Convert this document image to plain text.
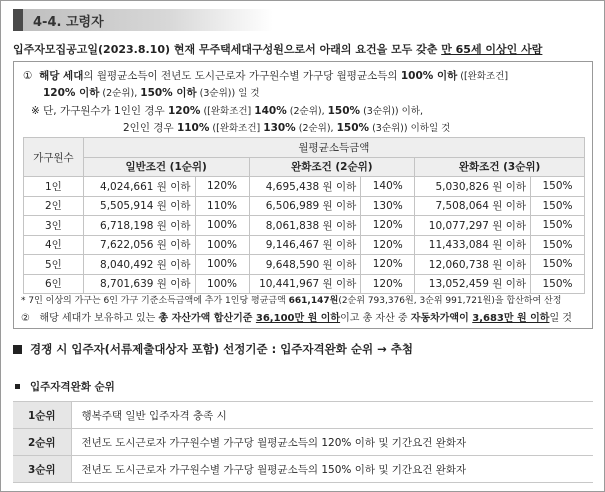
4-4. 고령자
입주자모집공고일(2023.8.10) 현재 무주택세대구성원으로서 아래의 요건을 모두 갖춘 만 65세 이상인 사람
① 해당 세대의 월평균소득이 전년도 도시근로자 가구원수별 가구당 월평균소득의 100% 이하 ([완화조건]
120% 이하 (2순위), 150% 이하 (3순위)) 일 것
※ 단, 가구원수가 1인인 경우 120% ([완화조건] 140% (2순위), 150% (3순위)) 이하,
2인인 경우 110% ([완화조건] 130% (2순위), 150% (3순위)) 이하일 것
가구원수	월평균소득금액					
	일반조건 (1순위)		완화조건 (2순위)		완화조건 (3순위)	
1인	4,024,661 원 이하	120%	4,695,438 원 이하	140%	5,030,826 원 이하	150%
2인	5,505,914 원 이하	110%	6,506,989 원 이하	130%	7,508,064 원 이하	150%
3인	6,718,198 원 이하	100%	8,061,838 원 이하	120%	10,077,297 원 이하	150%
4인	7,622,056 원 이하	100%	9,146,467 원 이하	120%	11,433,084 원 이하	150%
5인	8,040,492 원 이하	100%	9,648,590 원 이하	120%	12,060,738 원 이하	150%
6인	8,701,639 원 이하	100%	10,441,967 원 이하	120%	13,052,459 원 이하	150%
* 7인 이상의 가구는 6인 가구 기준소득금액에 추가 1인당 평균금액 661,147원(2순위 793,376원, 3순위 991,721원)을 합산하여 산정
② 해당 세대가 보유하고 있는 총 자산가액 합산기준 36,100만 원 이하이고 총 자산 중 자동차가액이 3,683만 원 이하일 것
경쟁 시 입주자(서류제출대상자 포함) 선정기준 : 입주자격완화 순위 → 추첨
입주자격완화 순위
1순위	행복주택 일반 입주자격 충족 시
2순위	전년도 도시근로자 가구원수별 가구당 월평균소득의 120% 이하 및 기간요건 완화자
3순위	전년도 도시근로자 가구원수별 가구당 월평균소득의 150% 이하 및 기간요건 완화자
